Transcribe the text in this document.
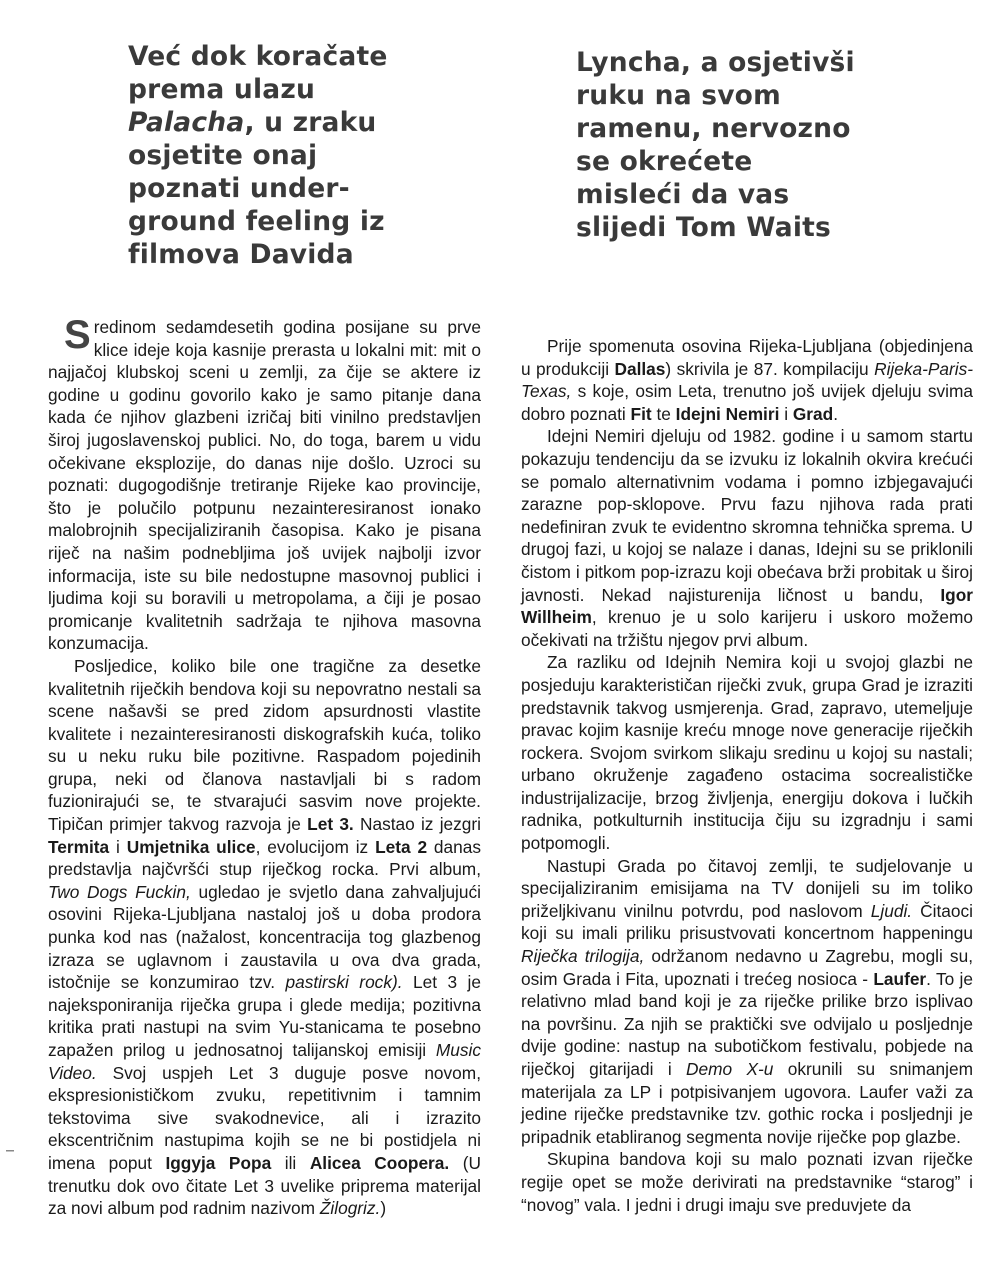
Već dok koračate
prema ulazu
Palacha, u zraku
osjetite onaj
poznati under-
ground feeling iz
filmova Davida
Lyncha, a osjetivši
ruku na svom
ramenu, nervozno
se okrećete
misleći da vas
slijedi Tom Waits

Sredinom sedamdesetih godina posijane su prve klice ideje koja kasnije prerasta u lokalni mit: mit o najjačoj klubskoj sceni u zemlji, za čije se aktere iz godine u godinu govorilo kako je samo pitanje dana kada će njihov glazbeni izričaj biti vinilno predstavljen široj jugoslavenskoj publici. No, do toga, barem u vidu očekivane eksplozije, do danas nije došlo. Uzroci su poznati: dugogodišnje tretiranje Rijeke kao provincije, što je polučilo potpunu nezainteresiranost ionako malobrojnih specijaliziranih časopisa. Kako je pisana riječ na našim podnebljima još uvijek najbolji izvor informacija, iste su bile nedostupne masovnoj publici i ljudima koji su boravili u metropolama, a čiji je posao promicanje kvalitetnih sadržaja te njihova masovna konzumacija.

Posljedice, koliko bile one tragične za desetke kvalitetnih riječkih bendova koji su nepovratno nestali sa scene našavši se pred zidom apsurdnosti vlastite kvalitete i nezainteresiranosti diskografskih kuća, toliko su u neku ruku bile pozitivne. Raspadom pojedinih grupa, neki od članova nastavljali bi s radom fuzionirajući se, te stvarajući sasvim nove projekte. Tipičan primjer takvog razvoja je Let 3. Nastao iz jezgri Termita i Umjetnika ulice, evolucijom iz Leta 2 danas predstavlja najčvršći stup riječkog rocka. Prvi album, Two Dogs Fuckin, ugledao je svjetlo dana zahvaljujući osovini Rijeka-Ljubljana nastaloj još u doba prodora punka kod nas (nažalost, koncentracija tog glazbenog izraza se uglavnom i zaustavila u ova dva grada, istočnije se konzumirao tzv. pastirski rock). Let 3 je najeksponiranija riječka grupa i glede medija; pozitivna kritika prati nastupi na svim Yu-stanicama te posebno zapažen prilog u jednosatnoj talijanskoj emisiji Music Video. Svoj uspjeh Let 3 duguje posve novom, ekspresionističkom zvuku, repetitivnim i tamnim tekstovima sive svakodnevice, ali i izrazito ekscentričnim nastupima kojih se ne bi postidjela ni imena poput Iggyja Popa ili Alicea Coopera. (U trenutku dok ovo čitate Let 3 uvelike priprema materijal za novi album pod radnim nazivom Žilogriz.)

Prije spomenuta osovina Rijeka-Ljubljana (objedinjena u produkciji Dallas) skrivila je 87. kompilaciju Rijeka-Paris-Texas, s koje, osim Leta, trenutno još uvijek djeluju svima dobro poznati Fit te Idejni Nemiri i Grad.

Idejni Nemiri djeluju od 1982. godine i u samom startu pokazuju tendenciju da se izvuku iz lokalnih okvira krećući se pomalo alternativnim vodama i pomno izbjegavajući zarazne pop-sklopove. Prvu fazu njihova rada prati nedefiniran zvuk te evidentno skromna tehnička sprema. U drugoj fazi, u kojoj se nalaze i danas, Idejni su se priklonili čistom i pitkom pop-izrazu koji obećava brži probitak u široj javnosti. Nekad najisturenija ličnost u bandu, Igor Willheim, krenuo je u solo karijeru i uskoro možemo očekivati na tržištu njegov prvi album.

Za razliku od Idejnih Nemira koji u svojoj glazbi ne posjeduju karakterističan riječki zvuk, grupa Grad je izraziti predstavnik takvog usmjerenja. Grad, zapravo, utemeljuje pravac kojim kasnije kreću mnoge nove generacije riječkih rockera. Svojom svirkom slikaju sredinu u kojoj su nastali; urbano okruženje zagađeno ostacima socrealističke industrijalizacije, brzog življenja, energiju dokova i lučkih radnika, potkulturnih institucija čiju su izgradnju i sami potpomogli.

Nastupi Grada po čitavoj zemlji, te sudjelovanje u specijaliziranim emisijama na TV donijeli su im toliko priželjkivanu vinilnu potvrdu, pod naslovom Ljudi. Čitaoci koji su imali priliku prisustvovati koncertnom happeningu Riječka trilogija, održanom nedavno u Zagrebu, mogli su, osim Grada i Fita, upoznati i trećeg nosioca - Laufer. To je relativno mlad band koji je za riječke prilike brzo isplivao na površinu. Za njih se praktički sve odvijalo u posljednje dvije godine: nastup na subotičkom festivalu, pobjede na riječkoj gitarijadi i Demo X-u okrunili su snimanjem materijala za LP i potpisivanjem ugovora. Laufer važi za jedine riječke predstavnike tzv. gothic rocka i posljednji je pripadnik etabliranog segmenta novije riječke pop glazbe.

Skupina bandova koji su malo poznati izvan riječke regije opet se može derivirati na predstavnike “starog” i “novog” vala. I jedni i drugi imaju sve preduvjete da
